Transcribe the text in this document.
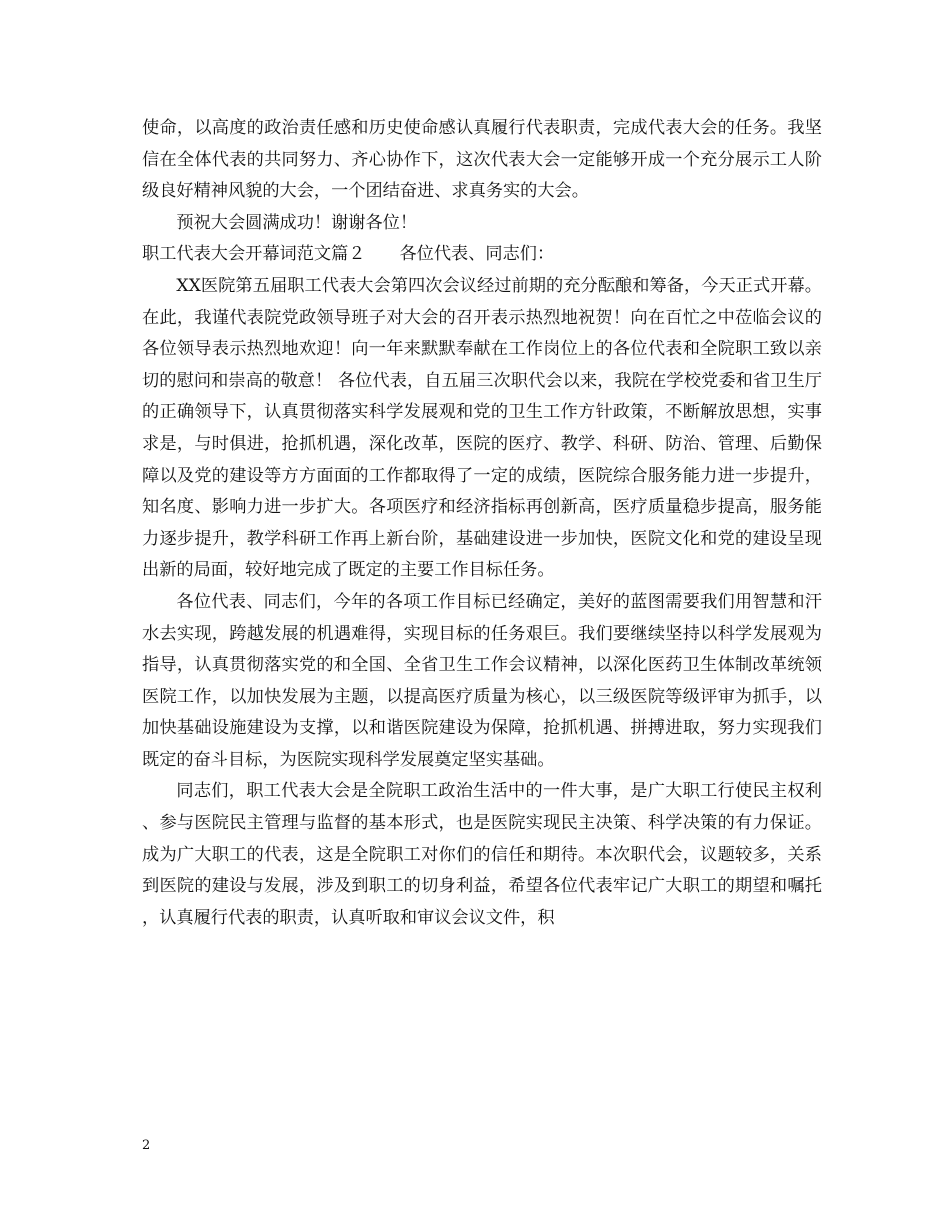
使命，以高度的政治责任感和历史使命感认真履行代表职责，完成代表大会的任务。我坚信在全体代表的共同努力、齐心协作下，这次代表大会一定能够开成一个充分展示工人阶级良好精神风貌的大会，一个团结奋进、求真务实的大会。

预祝大会圆满成功！谢谢各位！

职工代表大会开幕词范文篇２ 各位代表、同志们：

XX医院第五届职工代表大会第四次会议经过前期的充分酝酿和筹备，今天正式开幕。在此，我谨代表院党政领导班子对大会的召开表示热烈地祝贺！向在百忙之中莅临会议的各位领导表示热烈地欢迎！向一年来默默奉献在工作岗位上的各位代表和全院职工致以亲切的慰问和崇高的敬意！ 各位代表，自五届三次职代会以来，我院在学校党委和省卫生厅的正确领导下，认真贯彻落实科学发展观和党的卫生工作方针政策，不断解放思想，实事求是，与时俱进，抢抓机遇，深化改革，医院的医疗、教学、科研、防治、管理、后勤保障以及党的建设等方方面面的工作都取得了一定的成绩，医院综合服务能力进一步提升，知名度、影响力进一步扩大。各项医疗和经济指标再创新高，医疗质量稳步提高，服务能力逐步提升，教学科研工作再上新台阶，基础建设进一步加快，医院文化和党的建设呈现出新的局面，较好地完成了既定的主要工作目标任务。

各位代表、同志们，今年的各项工作目标已经确定，美好的蓝图需要我们用智慧和汗水去实现，跨越发展的机遇难得，实现目标的任务艰巨。我们要继续坚持以科学发展观为指导，认真贯彻落实党的和全国、全省卫生工作会议精神，以深化医药卫生体制改革统领医院工作，以加快发展为主题，以提高医疗质量为核心，以三级医院等级评审为抓手，以加快基础设施建设为支撑，以和谐医院建设为保障，抢抓机遇、拼搏进取，努力实现我们既定的奋斗目标，为医院实现科学发展奠定坚实基础。

同志们，职工代表大会是全院职工政治生活中的一件大事，是广大职工行使民主权利、参与医院民主管理与监督的基本形式，也是医院实现民主决策、科学决策的有力保证。成为广大职工的代表，这是全院职工对你们的信任和期待。本次职代会，议题较多，关系到医院的建设与发展，涉及到职工的切身利益，希望各位代表牢记广大职工的期望和嘱托，认真履行代表的职责，认真听取和审议会议文件，积

2
